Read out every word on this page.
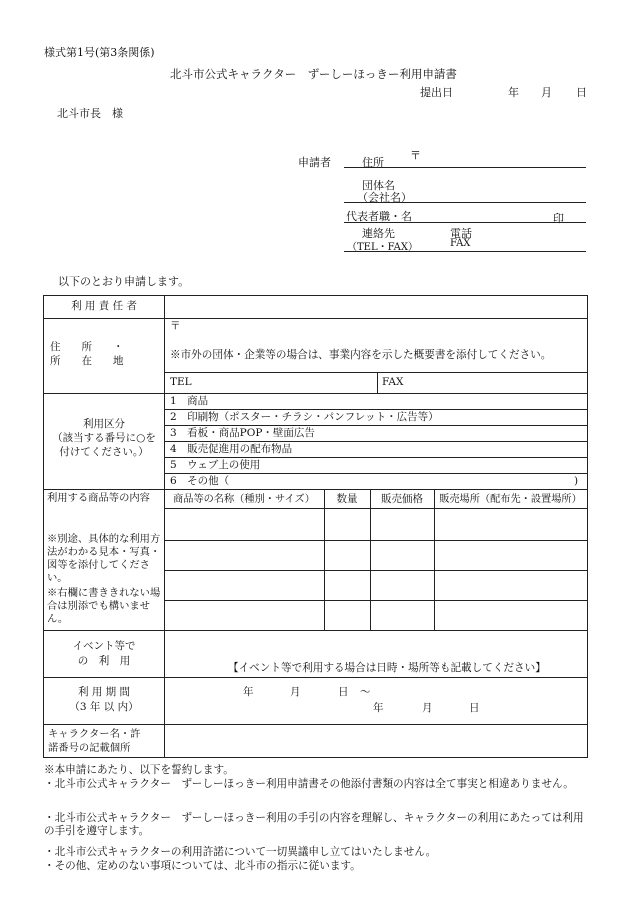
様式第1号(第3条関係)
北斗市公式キャラクター　ずーしーほっきー利用申請書
提出日	年 月 日
北斗市長　様
申請者	住所
〒
団体名
（会社名）
代表者職・名	印
連絡先
（TEL・FAX）
電話
FAX
以下のとおり申請します。
利 用 責 任 者
住　　所　　・
所　　在　　地
〒
※市外の団体・企業等の場合は、事業内容を示した概要書を添付してください。
TEL	FAX
利用区分
（該当する番号に○を
付けてください。）
1　商品
2　印刷物（ポスター・チラシ・パンフレット・広告等）
3　看板・商品POP・壁面広告
4　販売促進用の配布物品
5　ウェブ上の使用
6　その他（	)
利用する商品等の内容
※別途、具体的な利用方法がわかる見本・写真・図等を添付してください。
※右欄に書ききれない場合は別添でも構いません。
商品等の名称（種別・サイズ）	数量	販売価格	販売場所（配布先・設置場所）
イベント等で
の　利　用
【イベント等で利用する場合は日時・場所等も記載してください】
利 用 期 間
（3 年 以 内）
年	月	日 ～
年	月	日
キャラクター名・許
諾番号の記載個所
※本申請にあたり、以下を誓約します。
・北斗市公式キャラクター　ずーしーほっきー利用申請書その他添付書類の内容は全て事実と相違ありません。
・北斗市公式キャラクター　ずーしーほっきー利用の手引の内容を理解し、キャラクターの利用にあたっては利用の手引を遵守します。
・北斗市公式キャラクターの利用許諾について一切異議申し立てはいたしません。
・その他、定めのない事項については、北斗市の指示に従います。
